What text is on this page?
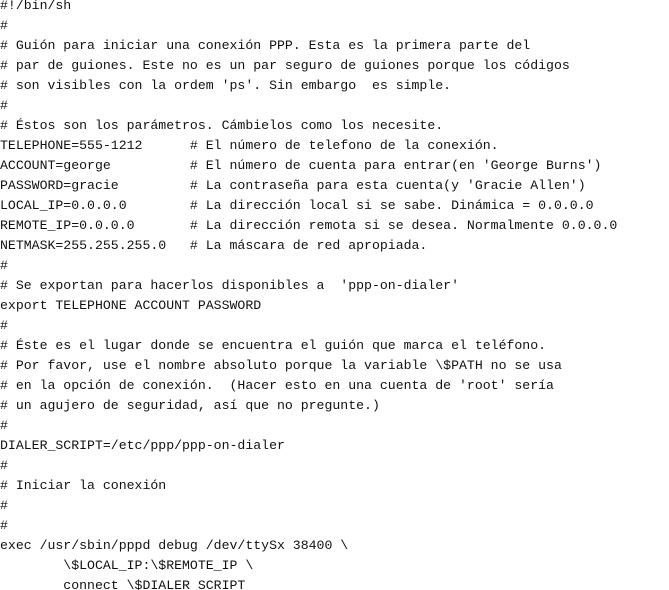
#!/bin/sh
#
# Guión para iniciar una conexión PPP. Esta es la primera parte del
# par de guiones. Este no es un par seguro de guiones porque los códigos
# son visibles con la ordem 'ps'. Sin embargo  es simple.
#
# Éstos son los parámetros. Cámbielos como los necesite.
TELEPHONE=555-1212      # El número de telefono de la conexión.
ACCOUNT=george          # El número de cuenta para entrar(en 'George Burns')
PASSWORD=gracie         # La contraseña para esta cuenta(y 'Gracie Allen')
LOCAL_IP=0.0.0.0        # La dirección local si se sabe. Dinámica = 0.0.0.0
REMOTE_IP=0.0.0.0       # La dirección remota si se desea. Normalmente 0.0.0.0
NETMASK=255.255.255.0   # La máscara de red apropiada.
#
# Se exportan para hacerlos disponibles a  'ppp-on-dialer'
export TELEPHONE ACCOUNT PASSWORD
#
# Éste es el lugar donde se encuentra el guión que marca el teléfono.
# Por favor, use el nombre absoluto porque la variable \$PATH no se usa
# en la opción de conexión.  (Hacer esto en una cuenta de 'root' sería
# un agujero de seguridad, así que no pregunte.)
#
DIALER_SCRIPT=/etc/ppp/ppp-on-dialer
#
# Iniciar la conexión
#
#
exec /usr/sbin/pppd debug /dev/ttySx 38400 \
\$LOCAL_IP:\$REMOTE_IP \
connect \$DIALER_SCRIPT
